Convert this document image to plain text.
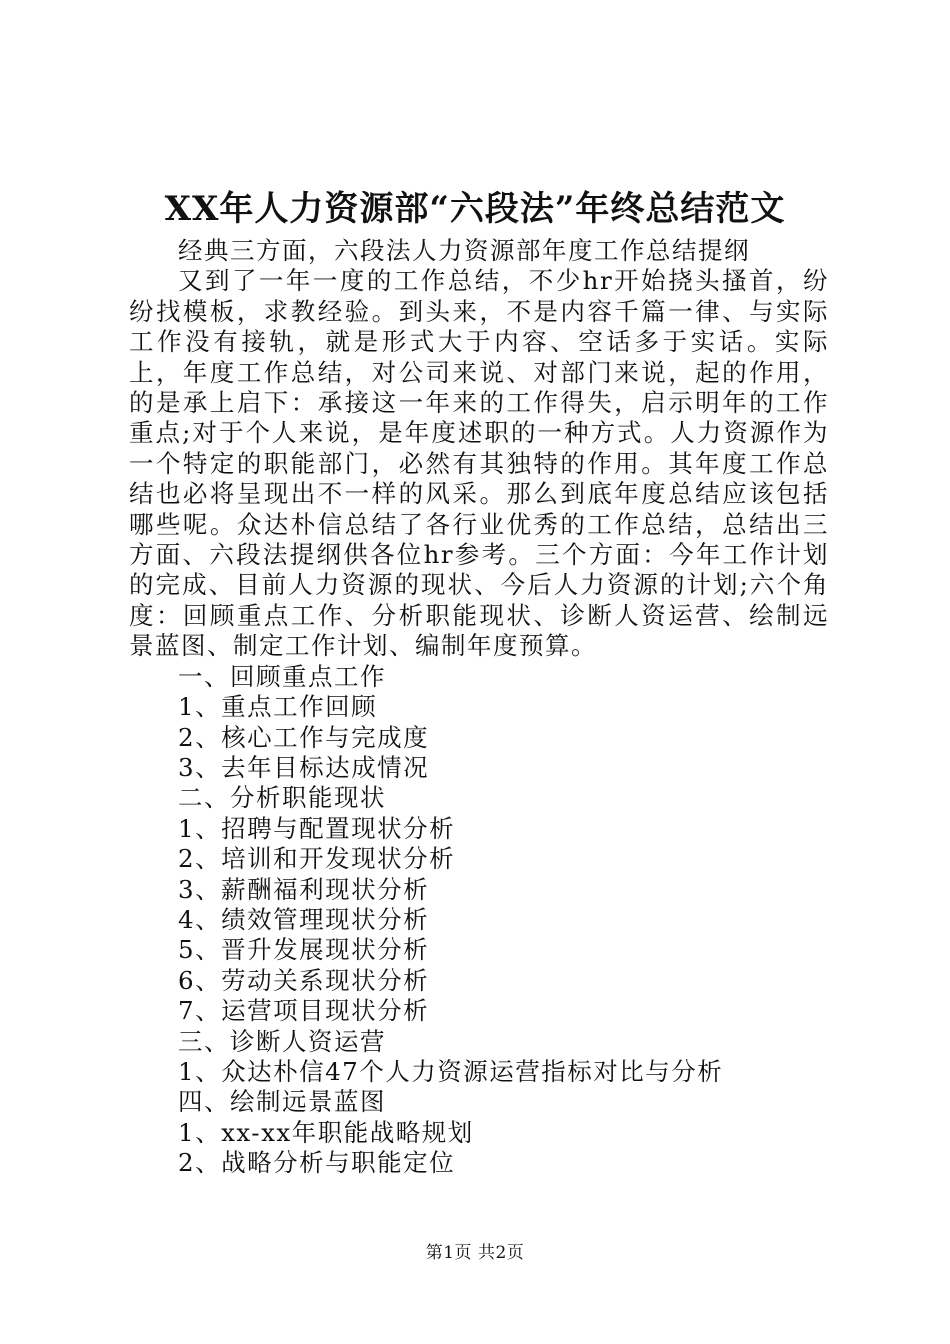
XX年人力资源部“六段法”年终总结范文
经典三方面，六段法人力资源部年度工作总结提纲

又到了一年一度的工作总结，不少hr开始挠头搔首，纷纷找模板，求教经验。到头来，不是内容千篇一律、与实际工作没有接轨，就是形式大于内容、空话多于实话。实际上，年度工作总结，对公司来说、对部门来说，起的作用，的是承上启下：承接这一年来的工作得失，启示明年的工作重点;对于个人来说，是年度述职的一种方式。人力资源作为一个特定的职能部门，必然有其独特的作用。其年度工作总结也必将呈现出不一样的风采。那么到底年度总结应该包括哪些呢。众达朴信总结了各行业优秀的工作总结，总结出三方面、六段法提纲供各位hr参考。三个方面：今年工作计划的完成、目前人力资源的现状、今后人力资源的计划;六个角度：回顾重点工作、分析职能现状、诊断人资运营、绘制远景蓝图、制定工作计划、编制年度预算。

一、回顾重点工作
1、重点工作回顾
2、核心工作与完成度
3、去年目标达成情况
二、分析职能现状
1、招聘与配置现状分析
2、培训和开发现状分析
3、薪酬福利现状分析
4、绩效管理现状分析
5、晋升发展现状分析
6、劳动关系现状分析
7、运营项目现状分析
三、诊断人资运营
1、众达朴信47个人力资源运营指标对比与分析
四、绘制远景蓝图
1、xx-xx年职能战略规划
2、战略分析与职能定位
第1页 共2页
